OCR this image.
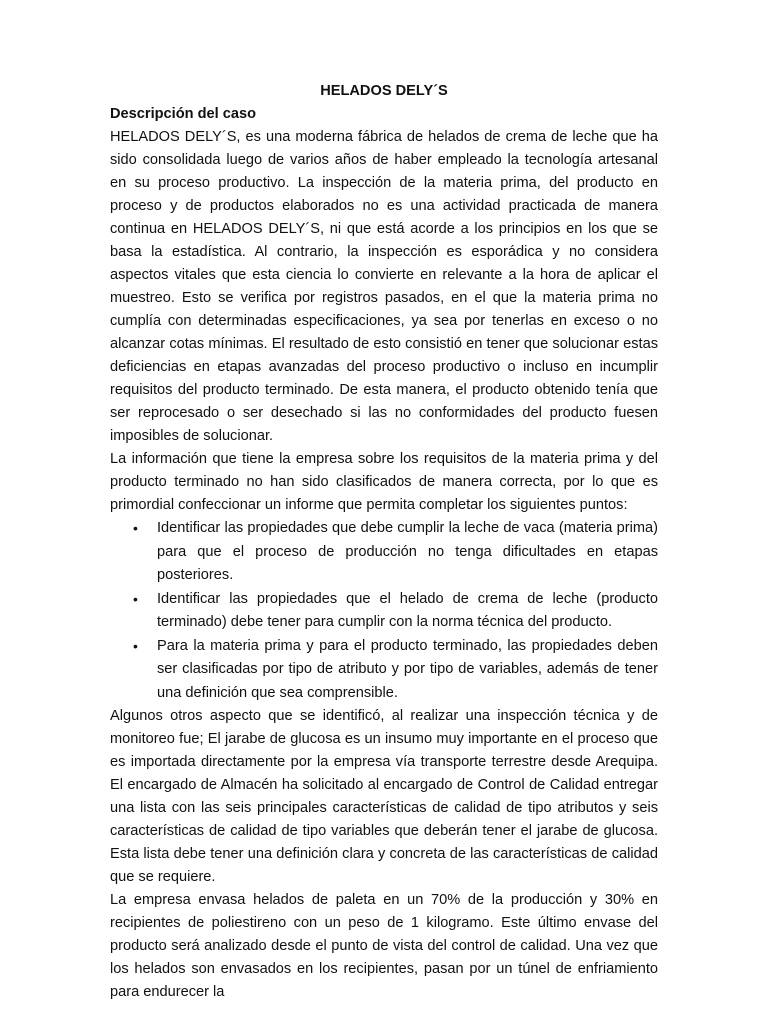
HELADOS DELY´S
Descripción del caso

HELADOS DELY´S, es una moderna fábrica de helados de crema de leche que ha sido consolidada luego de varios años de haber empleado la tecnología artesanal en su proceso productivo. La inspección de la materia prima, del producto en proceso y de productos elaborados no es una actividad practicada de manera continua en HELADOS DELY´S, ni que está acorde a los principios en los que se basa la estadística. Al contrario, la inspección es esporádica y no considera aspectos vitales que esta ciencia lo convierte en relevante a la hora de aplicar el muestreo. Esto se verifica por registros pasados, en el que la materia prima no cumplía con determinadas especificaciones, ya sea por tenerlas en exceso o no alcanzar cotas mínimas. El resultado de esto consistió en tener que solucionar estas deficiencias en etapas avanzadas del proceso productivo o incluso en incumplir requisitos del producto terminado. De esta manera, el producto obtenido tenía que ser reprocesado o ser desechado si las no conformidades del producto fuesen imposibles de solucionar.

La información que tiene la empresa sobre los requisitos de la materia prima y del producto terminado no han sido clasificados de manera correcta, por lo que es primordial confeccionar un informe que permita completar los siguientes puntos:

• Identificar las propiedades que debe cumplir la leche de vaca (materia prima) para que el proceso de producción no tenga dificultades en etapas posteriores.
• Identificar las propiedades que el helado de crema de leche (producto terminado) debe tener para cumplir con la norma técnica del producto.
• Para la materia prima y para el producto terminado, las propiedades deben ser clasificadas por tipo de atributo y por tipo de variables, además de tener una definición que sea comprensible.

Algunos otros aspecto que se identificó, al realizar una inspección técnica y de monitoreo fue; El jarabe de glucosa es un insumo muy importante en el proceso que es importada directamente por la empresa vía transporte terrestre desde Arequipa. El encargado de Almacén ha solicitado al encargado de Control de Calidad entregar una lista con las seis principales características de calidad de tipo atributos y seis características de calidad de tipo variables que deberán tener el jarabe de glucosa. Esta lista debe tener una definición clara y concreta de las características de calidad que se requiere.

La empresa envasa helados de paleta en un 70% de la producción y 30% en recipientes de poliestireno con un peso de 1 kilogramo. Este último envase del producto será analizado desde el punto de vista del control de calidad. Una vez que los helados son envasados en los recipientes, pasan por un túnel de enfriamiento para endurecer la
